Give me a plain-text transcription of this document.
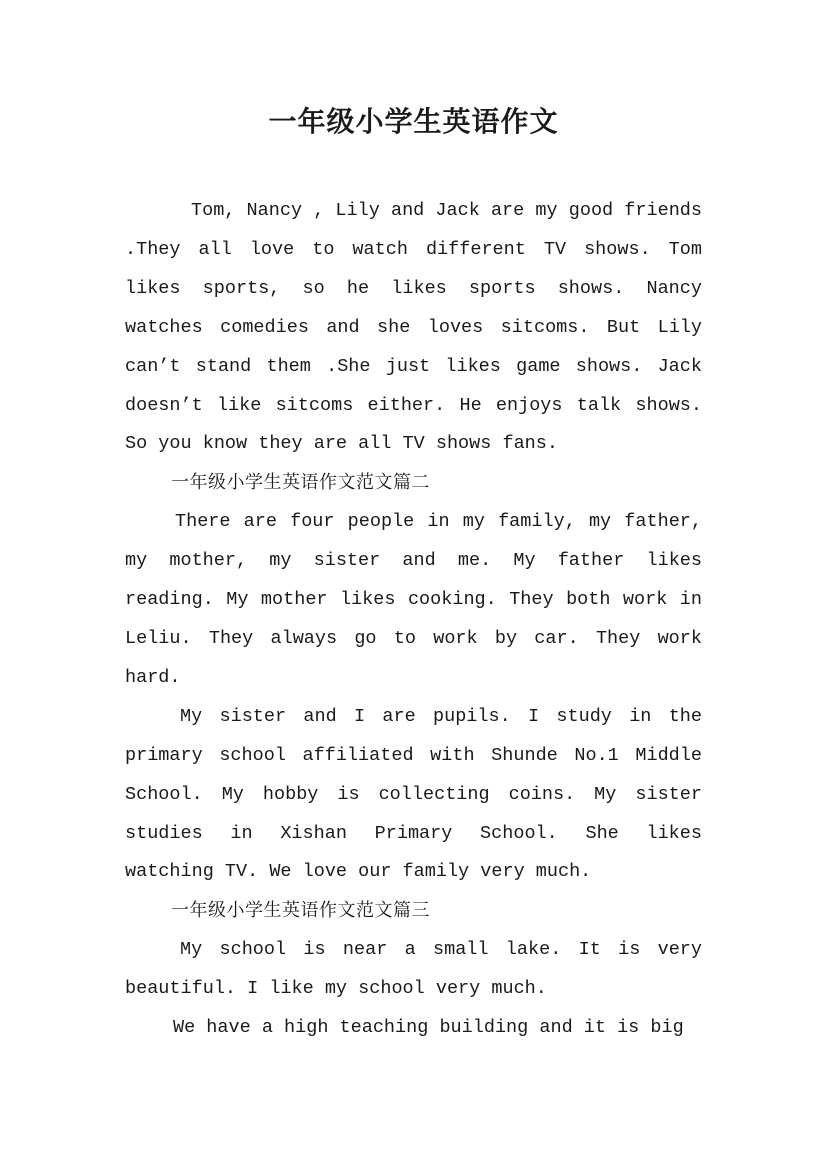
一年级小学生英语作文

Tom, Nancy , Lily and Jack are my good friends .They all love to watch different TV shows. Tom likes sports, so he likes sports shows. Nancy watches comedies and she loves sitcoms. But Lily can’t stand them .She just likes game shows. Jack doesn’t like sitcoms either. He enjoys talk shows. So you know they are all TV shows fans.

一年级小学生英语作文范文篇二

There are four people in my family, my father, my mother, my sister and me. My father likes reading. My mother likes cooking. They both work in Leliu. They always go to work by car. They work hard.

My sister and I are pupils. I study in the primary school affiliated with Shunde No.1 Middle School. My hobby is collecting coins. My sister studies in Xishan Primary School. She likes watching TV. We love our family very much.

一年级小学生英语作文范文篇三

My school is near a small lake. It is very beautiful. I like my school very much.

We have a high teaching building and it is big
